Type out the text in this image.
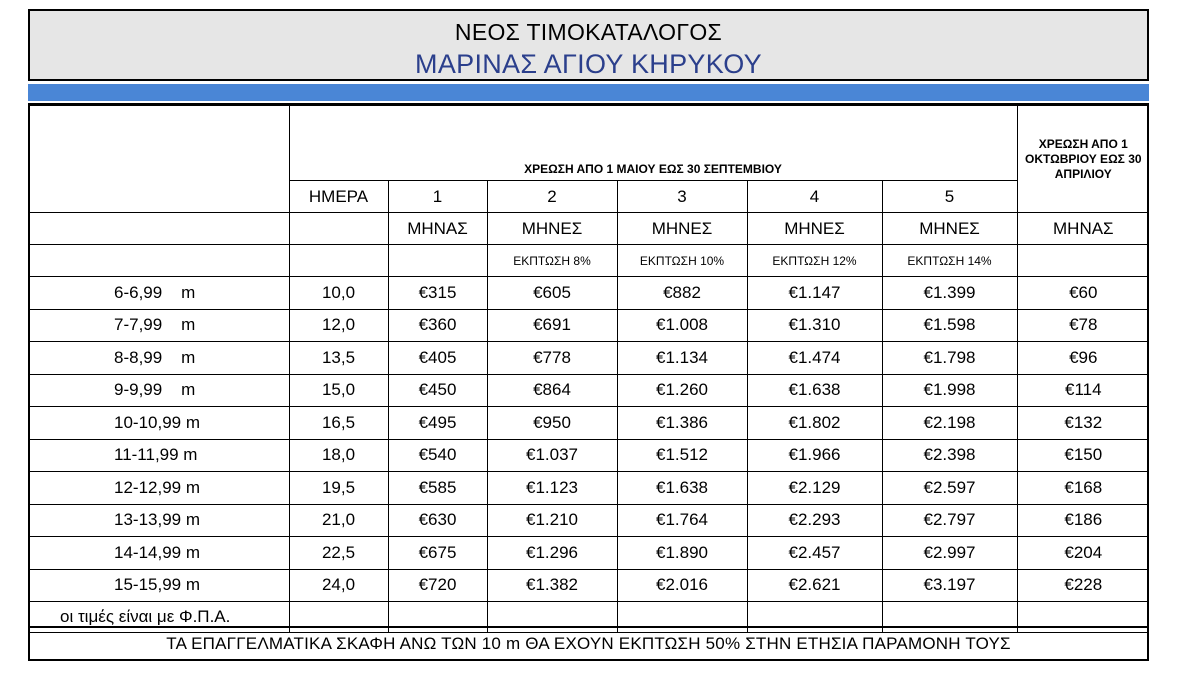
ΝΕΟΣ ΤΙΜΟΚΑΤΑΛΟΓΟΣ
ΜΑΡΙΝΑΣ ΑΓΙΟΥ ΚΗΡΥΚΟΥ
	ΧΡΕΩΣΗ ΑΠΟ 1 ΜΑΙΟΥ ΕΩΣ 30 ΣΕΠΤΕΜΒΙΟΥ						ΧΡΕΩΣΗ ΑΠΟ 1 ΟΚΤΩΒΡΙΟΥ ΕΩΣ 30 ΑΠΡΙΛΙΟΥ
	ΗΜΕΡΑ	1	2	3	4	5	
		ΜΗΝΑΣ	ΜΗΝΕΣ	ΜΗΝΕΣ	ΜΗΝΕΣ	ΜΗΝΕΣ	ΜΗΝΑΣ
			ΕΚΠΤΩΣΗ 8%	ΕΚΠΤΩΣΗ 10%	ΕΚΠΤΩΣΗ 12%	ΕΚΠΤΩΣΗ 14%	
6-6,99    m	10,0	€315	€605	€882	€1.147	€1.399	€60
7-7,99    m	12,0	€360	€691	€1.008	€1.310	€1.598	€78
8-8,99    m	13,5	€405	€778	€1.134	€1.474	€1.798	€96
9-9,99    m	15,0	€450	€864	€1.260	€1.638	€1.998	€114
10-10,99 m	16,5	€495	€950	€1.386	€1.802	€2.198	€132
11-11,99 m	18,0	€540	€1.037	€1.512	€1.966	€2.398	€150
12-12,99 m	19,5	€585	€1.123	€1.638	€2.129	€2.597	€168
13-13,99 m	21,0	€630	€1.210	€1.764	€2.293	€2.797	€186
14-14,99 m	22,5	€675	€1.296	€1.890	€2.457	€2.997	€204
15-15,99 m	24,0	€720	€1.382	€2.016	€2.621	€3.197	€228
οι τιμές είναι με Φ.Π.Α.							
ΤΑ ΕΠΑΓΓΕΛΜΑΤΙΚΑ ΣΚΑΦΗ ΑΝΩ ΤΩΝ 10 m ΘΑ ΕΧΟΥΝ ΕΚΠΤΩΣΗ 50% ΣΤΗΝ ΕΤΗΣΙΑ ΠΑΡΑΜΟΝΗ ΤΟΥΣ
